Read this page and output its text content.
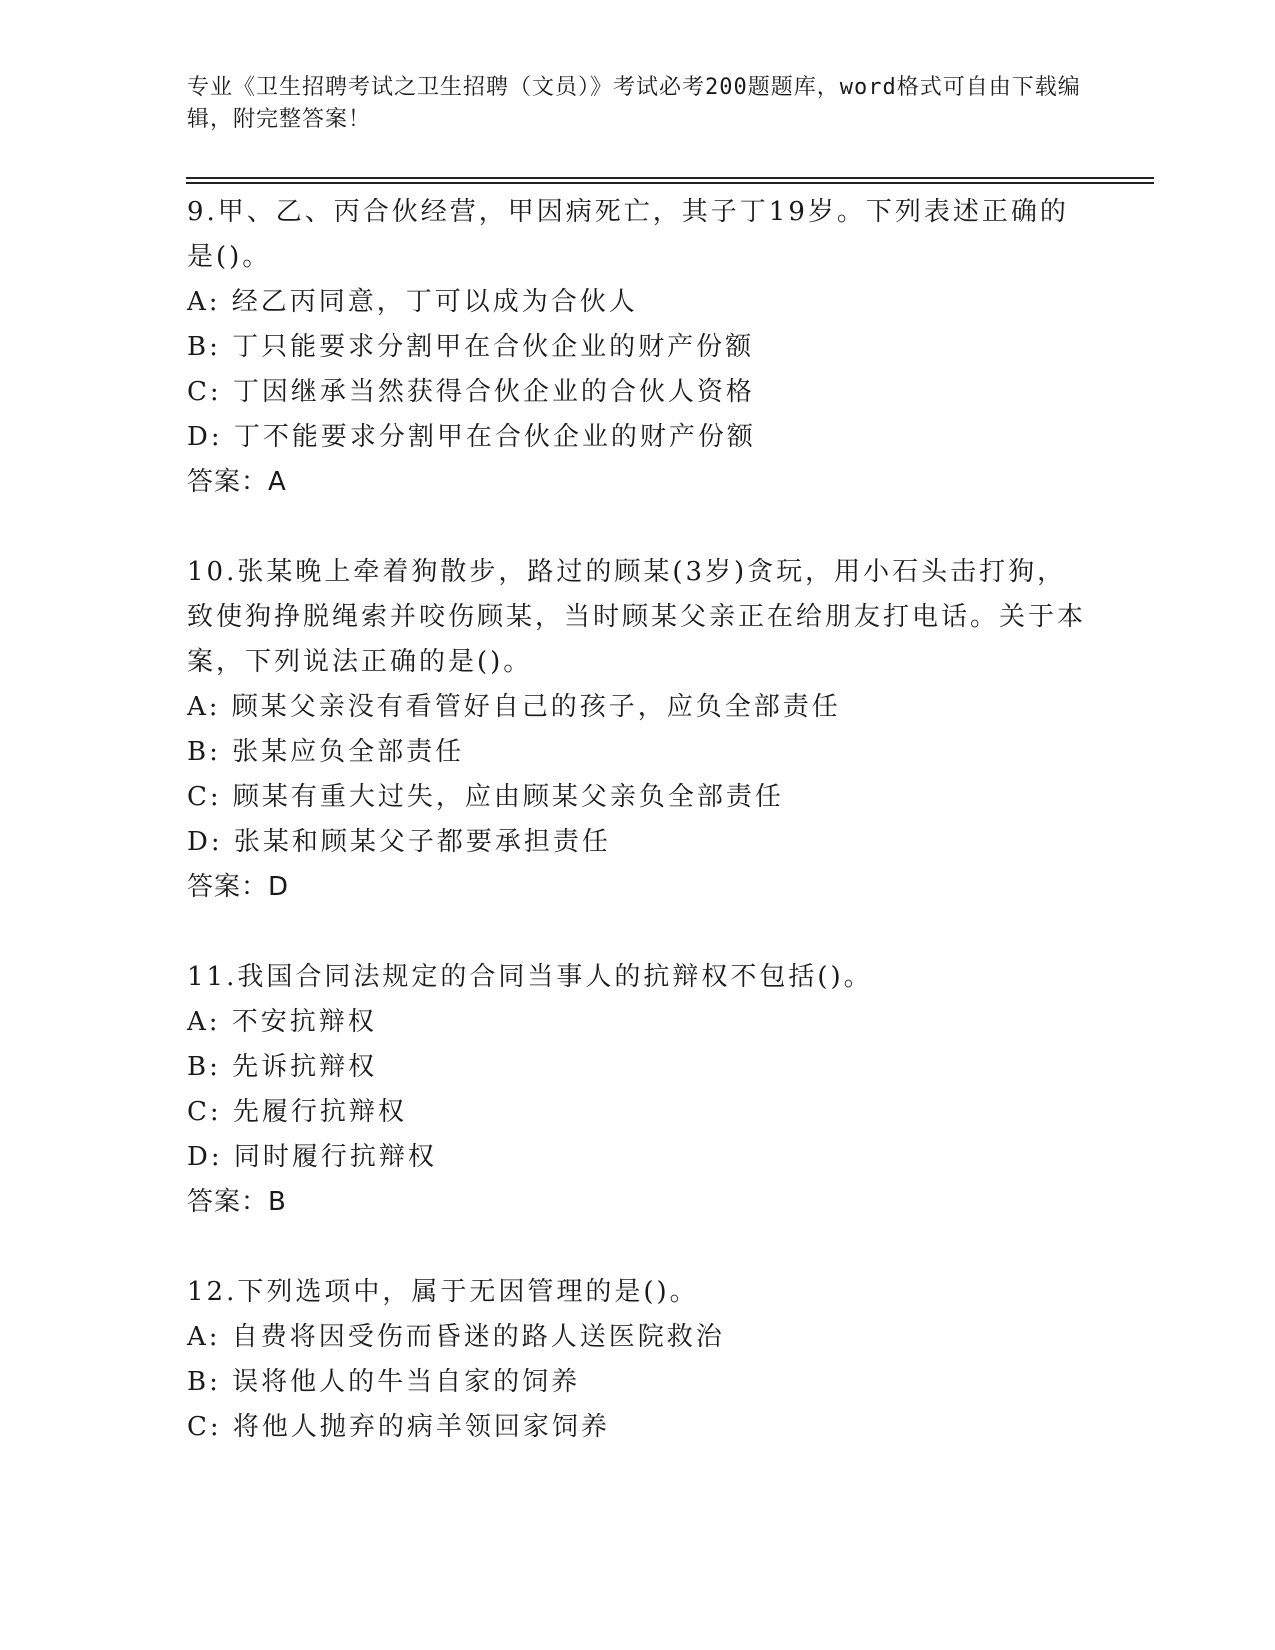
专业《卫生招聘考试之卫生招聘（文员）》考试必考200题题库，word格式可自由下载编辑，附完整答案！
9.甲、乙、丙合伙经营，甲因病死亡，其子丁19岁。下列表述正确的是()。
A: 经乙丙同意，丁可以成为合伙人
B: 丁只能要求分割甲在合伙企业的财产份额
C: 丁因继承当然获得合伙企业的合伙人资格
D: 丁不能要求分割甲在合伙企业的财产份额
答案：A
10.张某晚上牵着狗散步，路过的顾某(3岁)贪玩，用小石头击打狗，致使狗挣脱绳索并咬伤顾某，当时顾某父亲正在给朋友打电话。关于本案，下列说法正确的是()。
A: 顾某父亲没有看管好自己的孩子，应负全部责任
B: 张某应负全部责任
C: 顾某有重大过失，应由顾某父亲负全部责任
D: 张某和顾某父子都要承担责任
答案：D
11.我国合同法规定的合同当事人的抗辩权不包括()。
A: 不安抗辩权
B: 先诉抗辩权
C: 先履行抗辩权
D: 同时履行抗辩权
答案：B
12.下列选项中，属于无因管理的是()。
A: 自费将因受伤而昏迷的路人送医院救治
B: 误将他人的牛当自家的饲养
C: 将他人抛弃的病羊领回家饲养
